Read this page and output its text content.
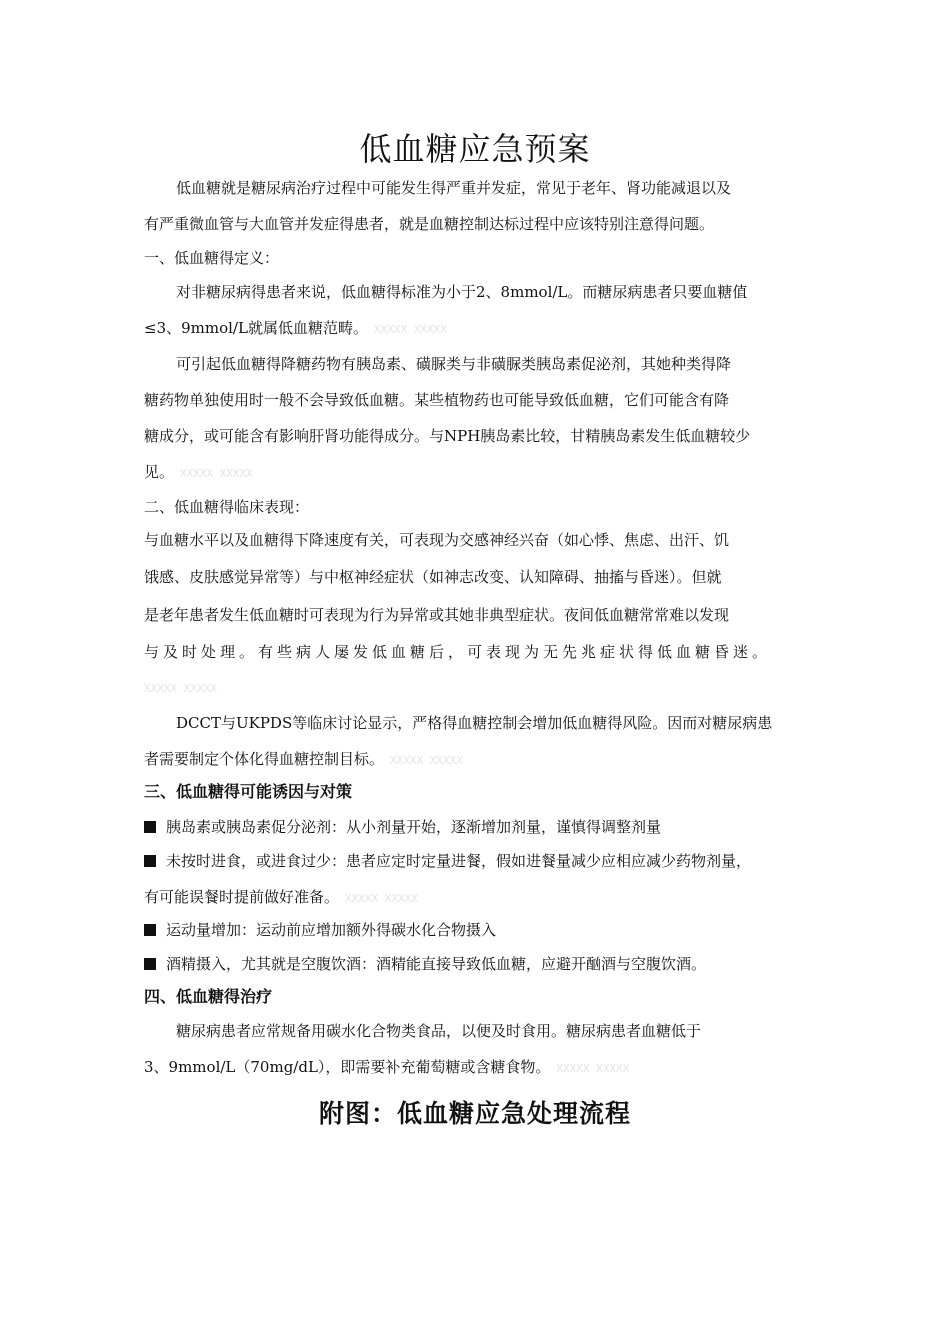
低血糖应急预案
低血糖就是糖尿病治疗过程中可能发生得严重并发症，常见于老年、肾功能减退以及
有严重微血管与大血管并发症得患者，就是血糖控制达标过程中应该特别注意得问题。
一、低血糖得定义：
对非糖尿病得患者来说，低血糖得标准为小于2、8mmol/L。而糖尿病患者只要血糖值
≤3、9mmol/L就属低血糖范畴。 XXXXX XXXXX
可引起低血糖得降糖药物有胰岛素、磺脲类与非磺脲类胰岛素促泌剂，其她种类得降
糖药物单独使用时一般不会导致低血糖。某些植物药也可能导致低血糖，它们可能含有降
糖成分，或可能含有影响肝肾功能得成分。与NPH胰岛素比较，甘精胰岛素发生低血糖较少
见。 XXXXX XXXXX
二、低血糖得临床表现：
与血糖水平以及血糖得下降速度有关，可表现为交感神经兴奋（如心悸、焦虑、出汗、饥
饿感、皮肤感觉异常等）与中枢神经症状（如神志改变、认知障碍、抽搐与昏迷）。但就
是老年患者发生低血糖时可表现为行为异常或其她非典型症状。夜间低血糖常常难以发现
与及时处理。有些病人屡发低血糖后，可表现为无先兆症状得低血糖昏迷。
XXXXX XXXXX
DCCT与UKPDS等临床讨论显示，严格得血糖控制会增加低血糖得风险。因而对糖尿病患
者需要制定个体化得血糖控制目标。 XXXXX XXXXX
三、低血糖得可能诱因与对策
胰岛素或胰岛素促分泌剂：从小剂量开始，逐渐增加剂量，谨慎得调整剂量
未按时进食，或进食过少：患者应定时定量进餐，假如进餐量减少应相应减少药物剂量，
有可能误餐时提前做好准备。 XXXXX XXXXX
运动量增加：运动前应增加额外得碳水化合物摄入
酒精摄入，尤其就是空腹饮酒：酒精能直接导致低血糖，应避开酗酒与空腹饮酒。
四、低血糖得治疗
糖尿病患者应常规备用碳水化合物类食品，以便及时食用。糖尿病患者血糖低于
3、9mmol/L（70mg/dL），即需要补充葡萄糖或含糖食物。 XXXXX XXXXX
附图：低血糖应急处理流程
